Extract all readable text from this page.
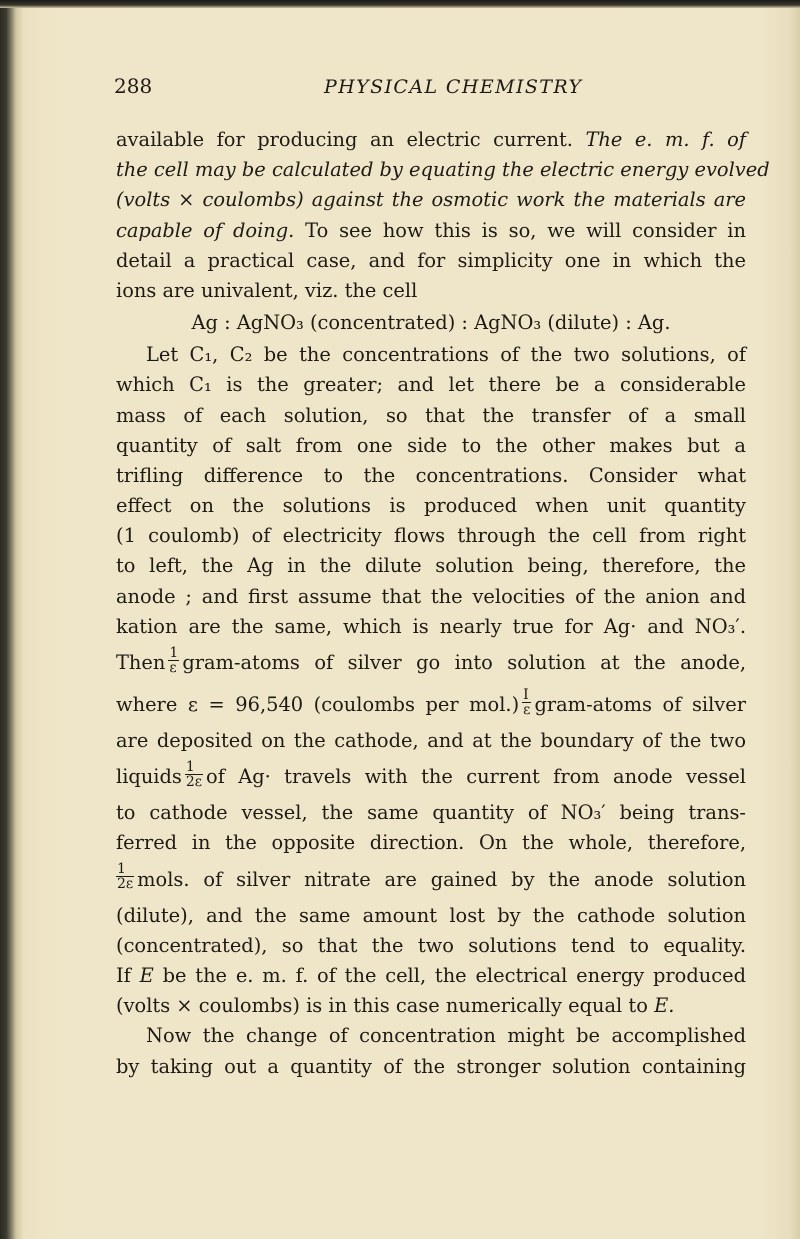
288	PHYSICAL CHEMISTRY
available for producing an electric current. The e. m. f. of
the cell may be calculated by equating the electric energy evolved
(volts × coulombs) against the osmotic work the materials are
capable of doing. To see how this is so, we will consider in
detail a practical case, and for simplicity one in which the
ions are univalent, viz. the cell
Ag : AgNO₃ (concentrated) : AgNO₃ (dilute) : Ag.
Let C₁, C₂ be the concentrations of the two solutions, of
which C₁ is the greater; and let there be a considerable
mass of each solution, so that the transfer of a small
quantity of salt from one side to the other makes but a
trifling difference to the concentrations. Consider what
effect on the solutions is produced when unit quantity
(1 coulomb) of electricity flows through the cell from right
to left, the Ag in the dilute solution being, therefore, the
anode ; and first assume that the velocities of the anion and
kation are the same, which is nearly true for Ag· and NO₃′.
Then $\frac{1}{\varepsilon}$ gram-atoms of silver go into solution at the anode,
where ε = 96,540 (coulombs per $mol.) \frac{I}{\varepsilon}$ gram-atoms of silver
are deposited on the cathode, and at the boundary of the two
liquids $\frac{1}{2\varepsilon}$ of Ag· travels with the current from anode vessel
to cathode vessel, the same quantity of NO₃′ being trans-
ferred in the opposite direction. On the whole, therefore,
$\frac{1}{2\varepsilon}$ mols. of silver nitrate are gained by the anode solution
(dilute), and the same amount lost by the cathode solution
(concentrated), so that the two solutions tend to equality.
If E be the e. m. f. of the cell, the electrical energy produced
(volts × coulombs) is in this case numerically equal to E.
Now the change of concentration might be accomplished
by taking out a quantity of the stronger solution containing
